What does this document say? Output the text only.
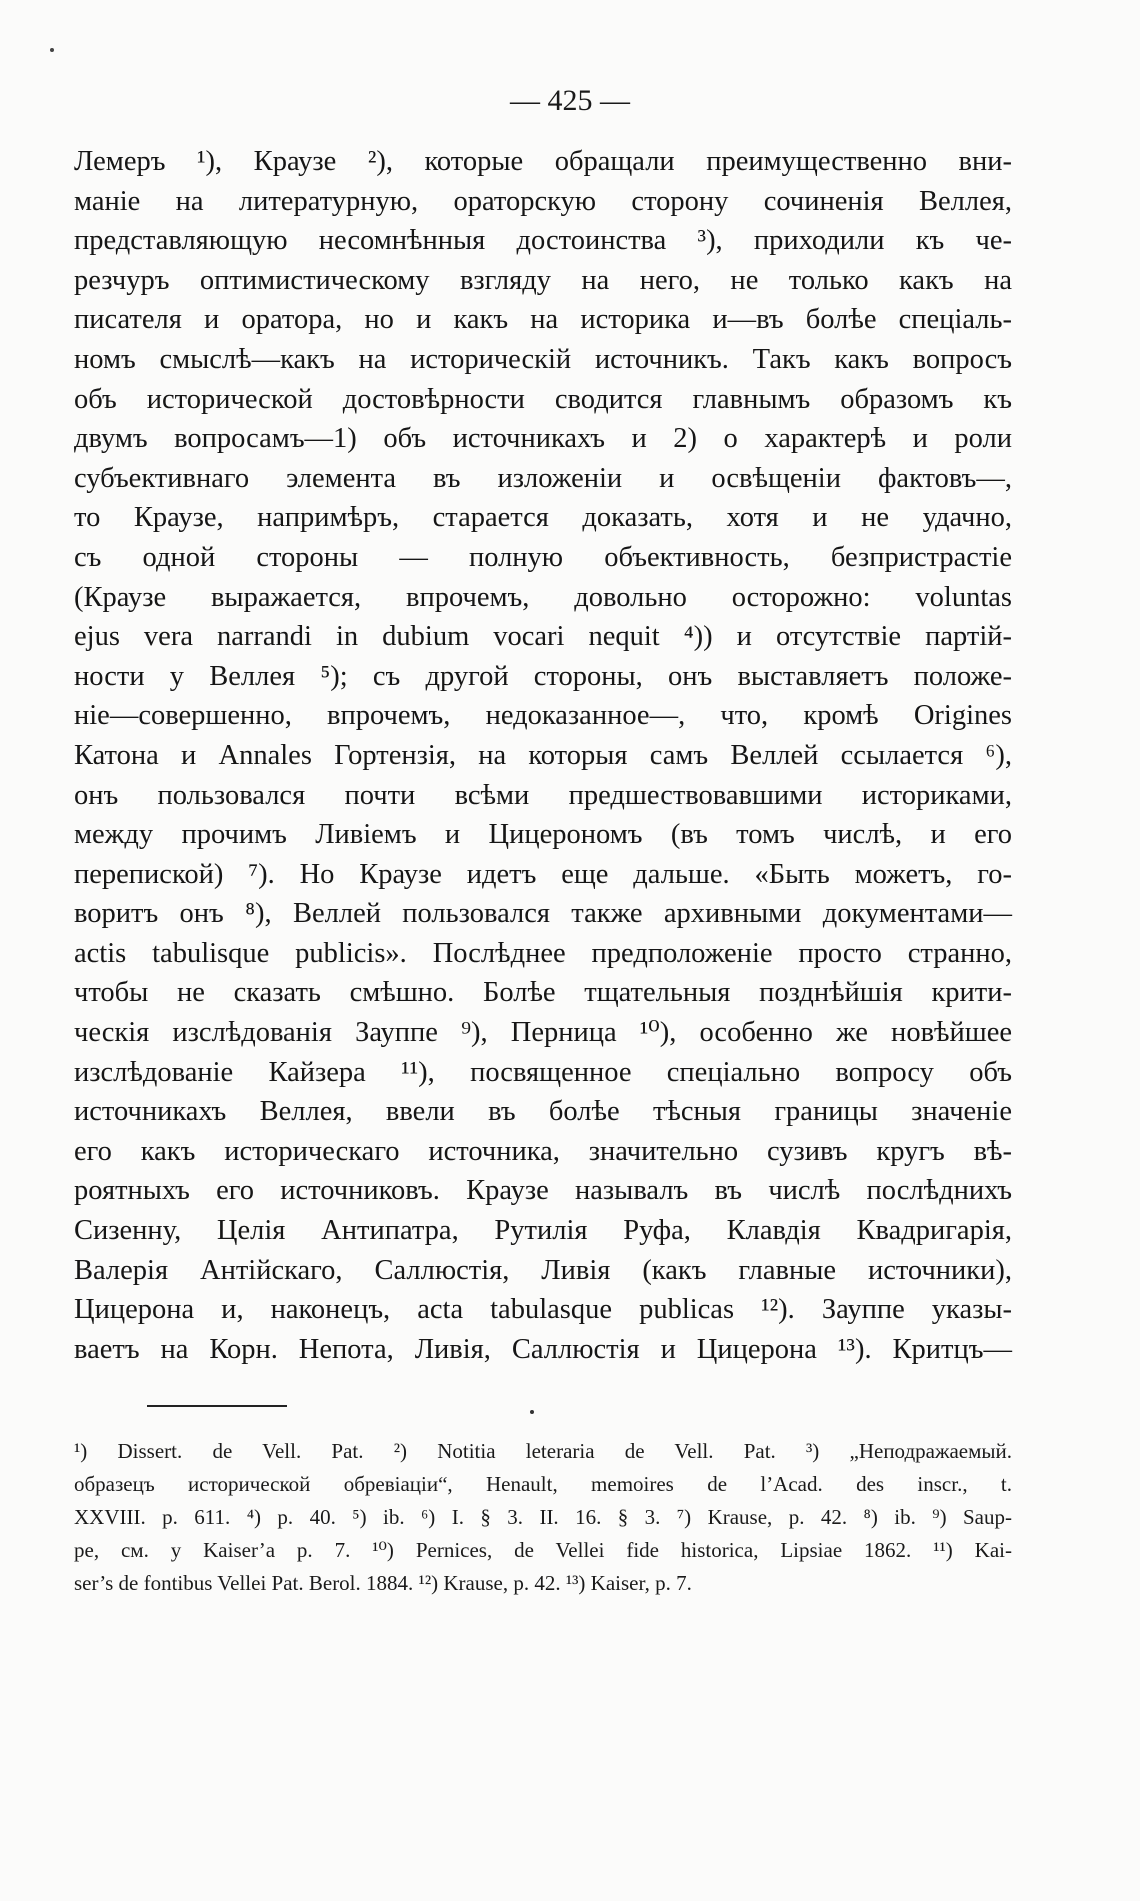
— 425 —
Лемеръ ¹), Краузе ²), которые обращали преимущественно вни-
маніе на литературную, ораторскую сторону сочиненія Веллея,
представляющую несомнѣнныя достоинства ³), приходили къ че-
резчуръ оптимистическому взгляду на него, не только какъ на
писателя и оратора, но и какъ на историка и—въ болѣе спеціаль-
номъ смыслѣ—какъ на историческій источникъ. Такъ какъ вопросъ
объ исторической достовѣрности сводится главнымъ образомъ къ
двумъ вопросамъ—1) объ источникахъ и 2) о характерѣ и роли
субъективнаго элемента въ изложеніи и освѣщеніи фактовъ—,
то Краузе, напримѣръ, старается доказать, хотя и не удачно,
съ одной стороны — полную объективность, безпристрастіе
(Краузе выражается, впрочемъ, довольно осторожно: voluntas
ejus vera narrandi in dubium vocari nequit ⁴)) и отсутствіе партій-
ности у Веллея ⁵); съ другой стороны, онъ выставляетъ положе-
ніе—совершенно, впрочемъ, недоказанное—, что, кромѣ Origines
Катона и Annales Гортензія, на которыя самъ Веллей ссылается ⁶),
онъ пользовался почти всѣми предшествовавшими историками,
между прочимъ Ливіемъ и Цицерономъ (въ томъ числѣ, и его
перепиской) ⁷). Но Краузе идетъ еще дальше. «Быть можетъ, го-
воритъ онъ ⁸), Веллей пользовался также архивными документами—
actis tabulisque publicis». Послѣднее предположеніе просто странно,
чтобы не сказать смѣшно. Болѣе тщательныя позднѣйшія крити-
ческія изслѣдованія Зауппе ⁹), Перница ¹⁰), особенно же новѣйшее
изслѣдованіе Кайзера ¹¹), посвященное спеціально вопросу объ
источникахъ Веллея, ввели въ болѣе тѣсныя границы значеніе
его какъ историческаго источника, значительно сузивъ кругъ вѣ-
роятныхъ его источниковъ. Краузе называлъ въ числѣ послѣднихъ
Сизенну, Целія Антипатра, Рутилія Руфа, Клавдія Квадригарія,
Валерія Антійскаго, Саллюстія, Ливія (какъ главные источники),
Цицерона и, наконецъ, acta tabulasque publicas ¹²). Зауппе указы-
ваетъ на Корн. Непота, Ливія, Саллюстія и Цицерона ¹³). Критцъ—
¹) Dissert. de Vell. Pat. ²) Notitia leteraria de Vell. Pat. ³) „Неподражаемый.
образецъ исторической обревіаціи“, Henault, memoires de l’Acad. des inscr., t.
XXVIII. p. 611. ⁴) p. 40. ⁵) ib. ⁶) I. § 3. II. 16. § 3. ⁷) Krause, p. 42. ⁸) ib. ⁹) Saup-
pe, см. у Kaiser’a p. 7. ¹⁰) Pernices, de Vellei fide historica, Lipsiae 1862. ¹¹) Kai-
ser’s de fontibus Vellei Pat. Berol. 1884. ¹²) Krause, p. 42. ¹³) Kaiser, p. 7.
